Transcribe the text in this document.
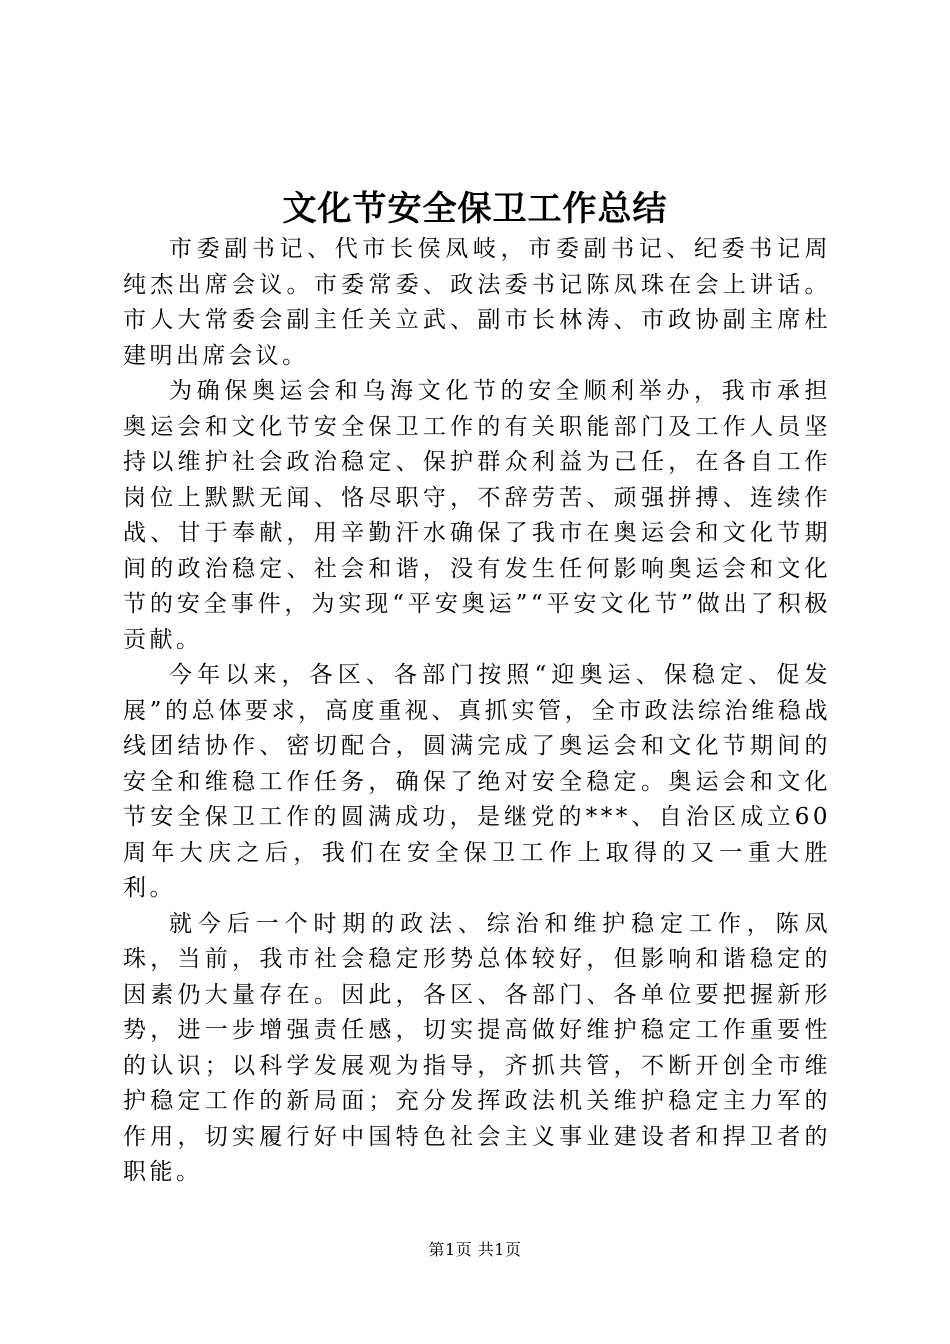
文化节安全保卫工作总结

市委副书记、代市长侯凤岐，市委副书记、纪委书记周纯杰出席会议。市委常委、政法委书记陈凤珠在会上讲话。市人大常委会副主任关立武、副市长林涛、市政协副主席杜建明出席会议。

为确保奥运会和乌海文化节的安全顺利举办，我市承担奥运会和文化节安全保卫工作的有关职能部门及工作人员坚持以维护社会政治稳定、保护群众利益为己任，在各自工作岗位上默默无闻、恪尽职守，不辞劳苦、顽强拼搏、连续作战、甘于奉献，用辛勤汗水确保了我市在奥运会和文化节期间的政治稳定、社会和谐，没有发生任何影响奥运会和文化节的安全事件，为实现“平安奥运”“平安文化节”做出了积极贡献。

今年以来，各区、各部门按照“迎奥运、保稳定、促发展”的总体要求，高度重视、真抓实管，全市政法综治维稳战线团结协作、密切配合，圆满完成了奥运会和文化节期间的安全和维稳工作任务，确保了绝对安全稳定。奥运会和文化节安全保卫工作的圆满成功，是继党的***、自治区成立60周年大庆之后，我们在安全保卫工作上取得的又一重大胜利。

就今后一个时期的政法、综治和维护稳定工作，陈凤珠，当前，我市社会稳定形势总体较好，但影响和谐稳定的因素仍大量存在。因此，各区、各部门、各单位要把握新形势，进一步增强责任感，切实提高做好维护稳定工作重要性的认识；以科学发展观为指导，齐抓共管，不断开创全市维护稳定工作的新局面；充分发挥政法机关维护稳定主力军的作用，切实履行好中国特色社会主义事业建设者和捍卫者的职能。

第1页 共1页
